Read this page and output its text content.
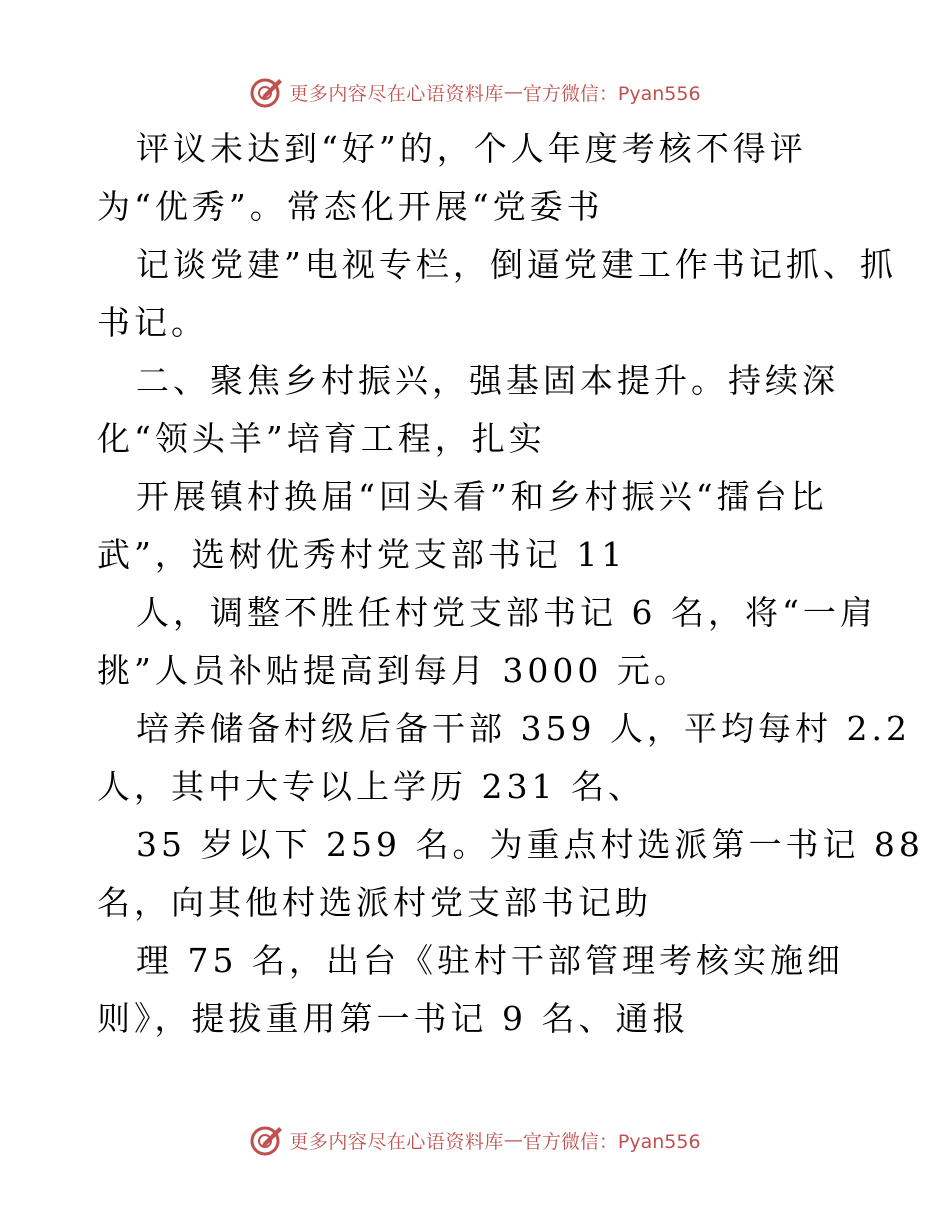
更多内容尽在心语资料库 — 官方微信：Pyan556
评议未达到“好”的，个人年度考核不得评
为“优秀”。常态化开展“党委书
记谈党建”电视专栏，倒逼党建工作书记抓、抓
书记。
二、聚焦乡村振兴，强基固本提升。持续深
化“领头羊”培育工程，扎实
开展镇村换届“回头看”和乡村振兴“擂台比
武”，选树优秀村党支部书记 11
人，调整不胜任村党支部书记 6 名，将“一肩
挑”人员补贴提高到每月 3000 元。
培养储备村级后备干部 359 人，平均每村 2.2
人，其中大专以上学历 231 名、
35 岁以下 259 名。为重点村选派第一书记 88
名，向其他村选派村党支部书记助
理 75 名，出台《驻村干部管理考核实施细
则》，提拔重用第一书记 9 名、通报
更多内容尽在心语资料库 — 官方微信：Pyan556
